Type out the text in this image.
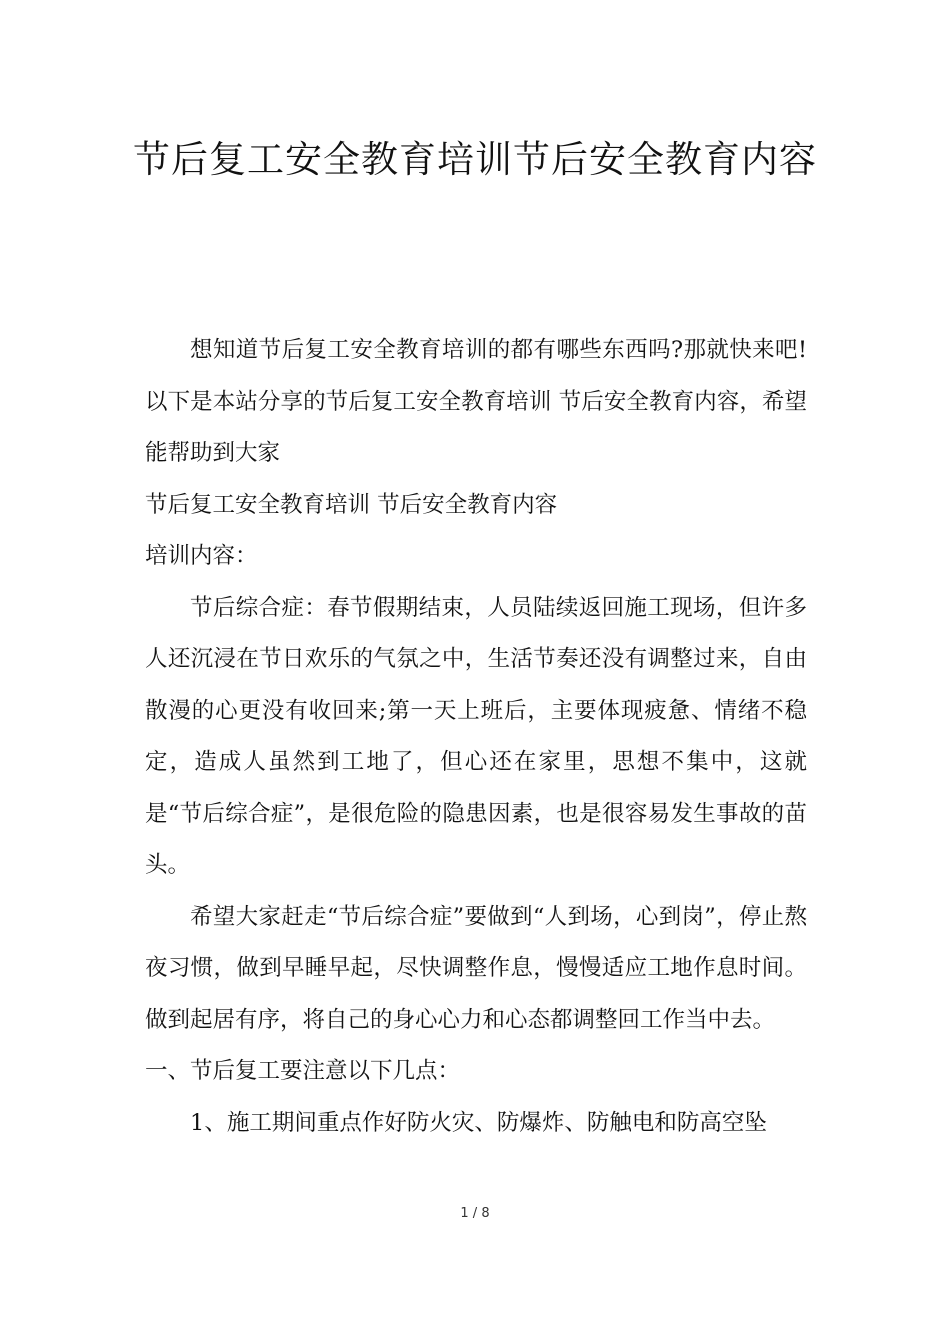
节后复工安全教育培训节后安全教育内容

想知道节后复工安全教育培训的都有哪些东西吗?那就快来吧!以下是本站分享的节后复工安全教育培训 节后安全教育内容，希望能帮助到大家

节后复工安全教育培训 节后安全教育内容

培训内容：

节后综合症：春节假期结束，人员陆续返回施工现场，但许多人还沉浸在节日欢乐的气氛之中，生活节奏还没有调整过来，自由散漫的心更没有收回来;第一天上班后，主要体现疲惫、情绪不稳定，造成人虽然到工地了，但心还在家里，思想不集中，这就是“节后综合症”，是很危险的隐患因素，也是很容易发生事故的苗头。

希望大家赶走“节后综合症”要做到“人到场，心到岗”，停止熬夜习惯，做到早睡早起，尽快调整作息，慢慢适应工地作息时间。做到起居有序，将自己的身心心力和心态都调整回工作当中去。

一、节后复工要注意以下几点：

1、施工期间重点作好防火灾、防爆炸、防触电和防高空坠

1 / 8
